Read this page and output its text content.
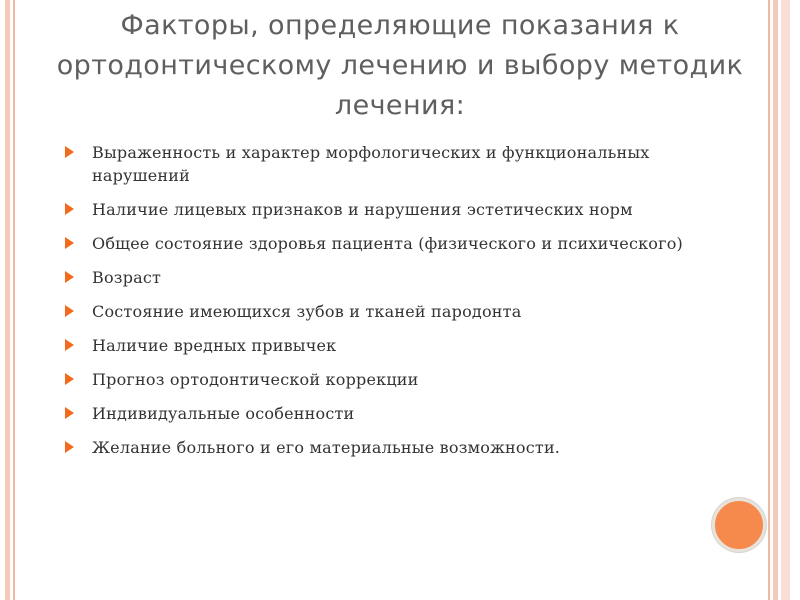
Факторы, определяющие показания к ортодонтическому лечению и выбору методик лечения:
Выраженность и характер морфологических и функциональных нарушений
Наличие лицевых признаков и нарушения эстетических норм
Общее состояние здоровья пациента (физического и психического)
Возраст
Состояние имеющихся зубов и тканей пародонта
Наличие вредных привычек
Прогноз ортодонтической коррекции
Индивидуальные особенности
Желание больного и его материальные возможности.
